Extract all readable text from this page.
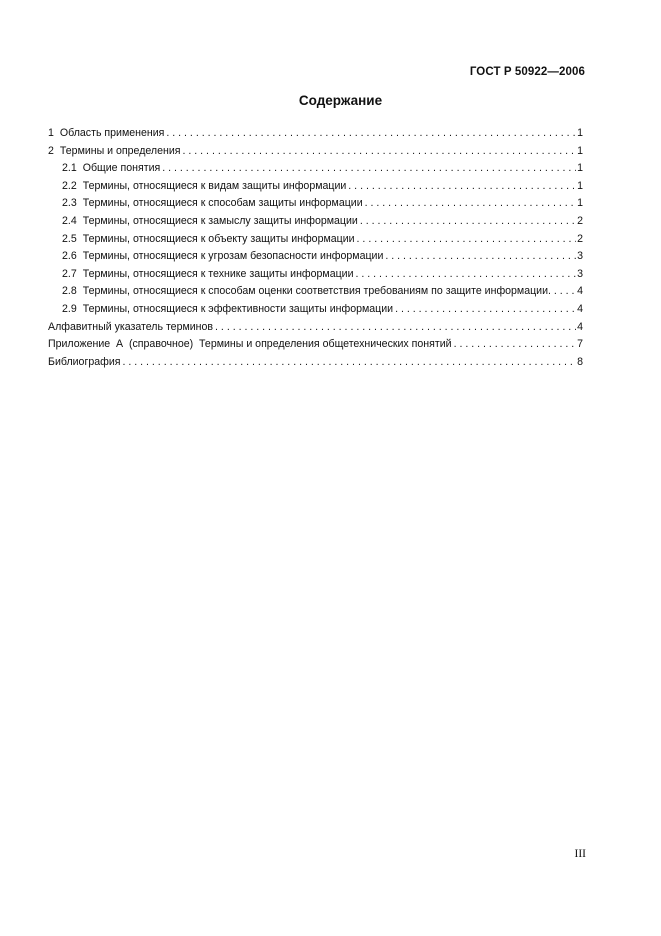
ГОСТ Р 50922—2006
Содержание
1 Область применения . . .	1
2 Термины и определения . . .	1
2.1 Общие понятия . . .	1
2.2 Термины, относящиеся к видам защиты информации . . .	1
2.3 Термины, относящиеся к способам защиты информации . . .	1
2.4 Термины, относящиеся к замыслу защиты информации . . .	2
2.5 Термины, относящиеся к объекту защиты информации . . .	2
2.6 Термины, относящиеся к угрозам безопасности информации . . .	3
2.7 Термины, относящиеся к технике защиты информации . . .	3
2.8 Термины, относящиеся к способам оценки соответствия требованиям по защите информации . . .	4
2.9 Термины, относящиеся к эффективности защиты информации . . .	4
Алфавитный указатель терминов . . .	4
Приложение  А  (справочное)  Термины и определения общетехнических понятий . . .	7
Библиография . . .	8
III
